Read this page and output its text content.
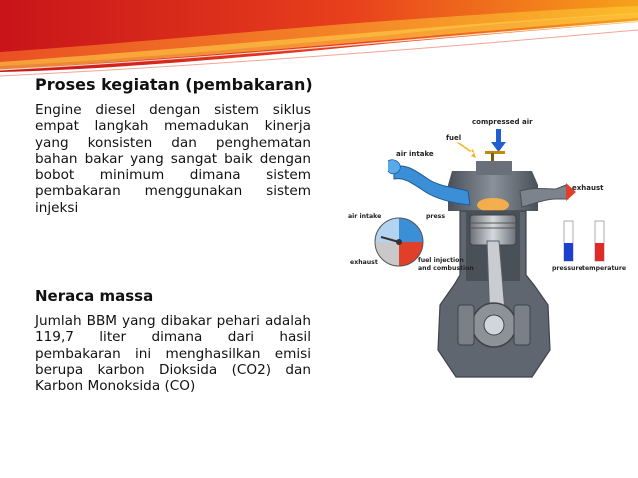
Proses kegiatan (pembakaran)

Engine diesel dengan sistem siklus empat langkah memadukan kinerja yang konsisten dan penghematan bahan bakar yang sangat baik dengan bobot minimum dimana sistem pembakaran menggunakan sistem injeksi

Neraca massa

Jumlah BBM yang dibakar pehari adalah 119,7 liter dimana dari hasil pembakaran ini menghasilkan emisi berupa karbon Dioksida (CO2) dan Karbon Monoksida (CO)

compressed air
fuel
air intake
exhaust
air intake	press
exhaust	fuel injection
and combustion	pressure temperature
